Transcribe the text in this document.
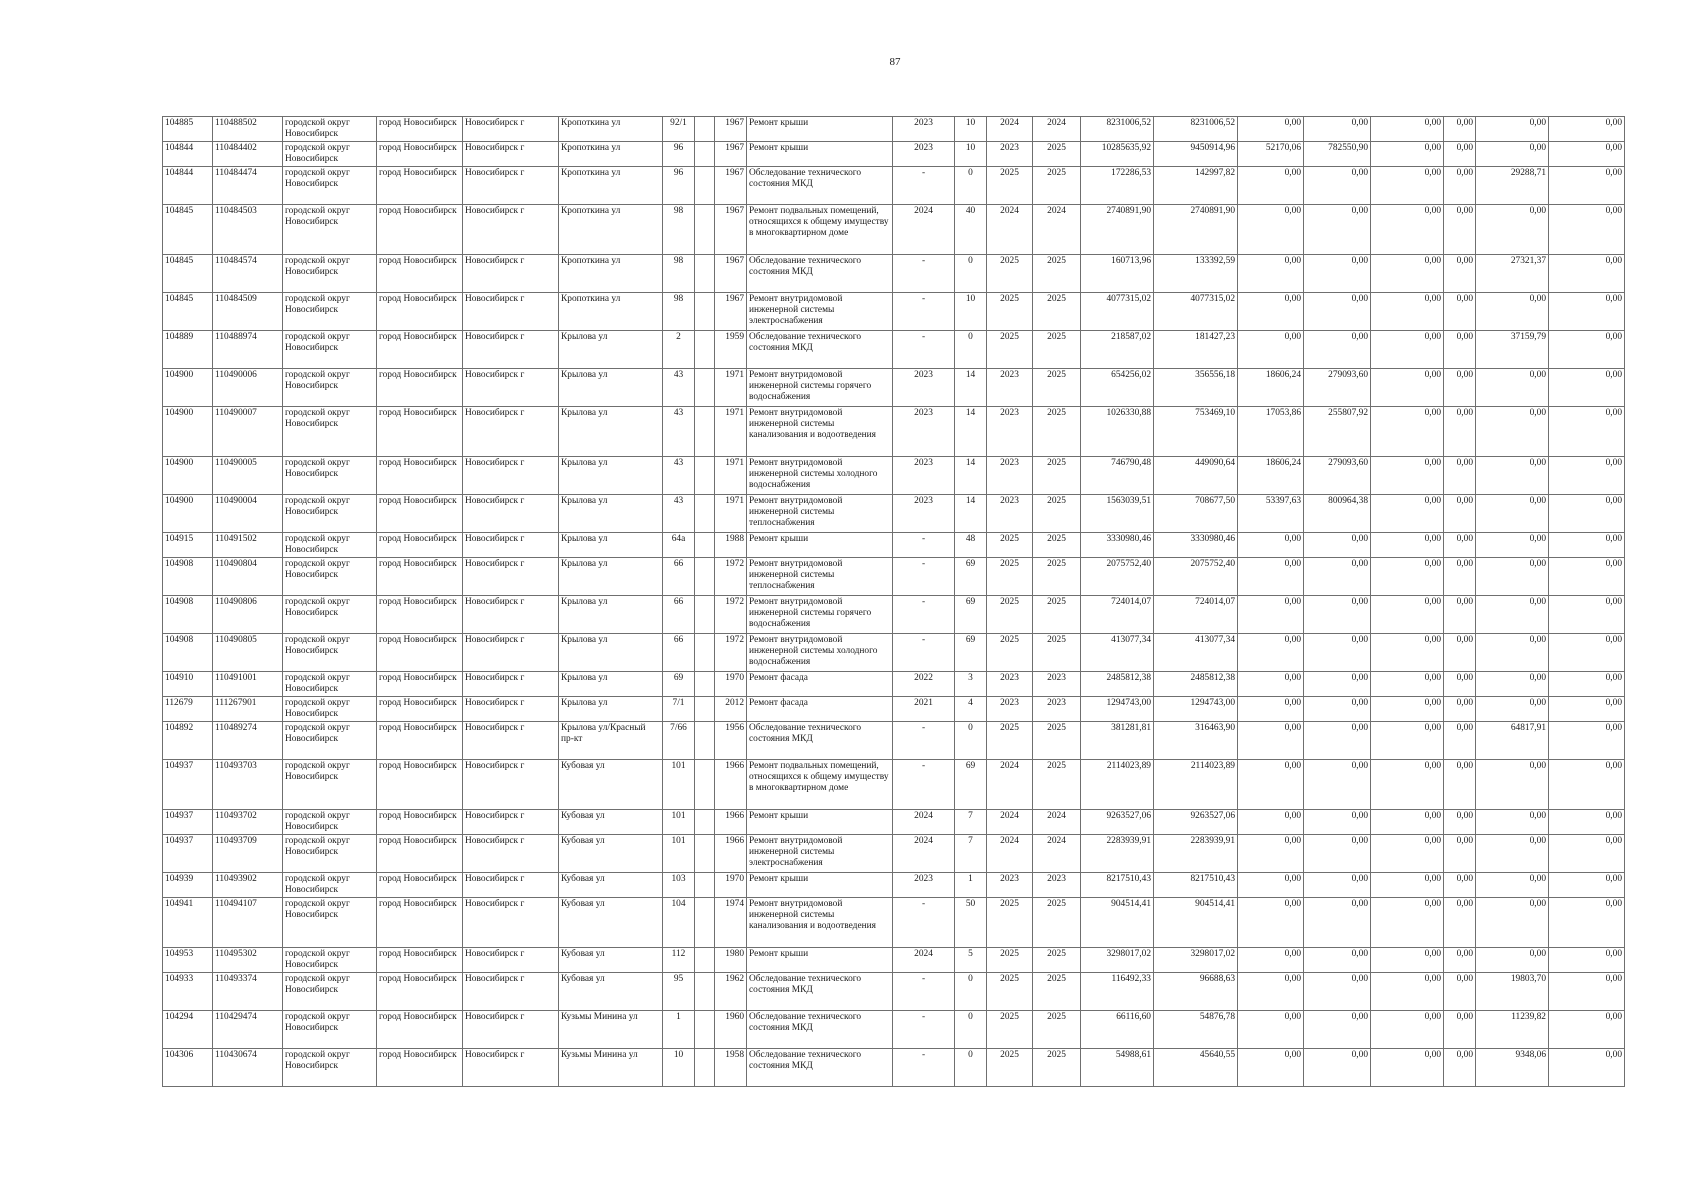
87
104885	110488502	городской округ Новосибирск	город Новосибирск	Новосибирск г	Кропоткина ул	92/1		1967	Ремонт крыши	2023	10	2024	2024	8231006,52	8231006,52	0,00	0,00	0,00	0,00	0,00	0,00
104844	110484402	городской округ Новосибирск	город Новосибирск	Новосибирск г	Кропоткина ул	96		1967	Ремонт крыши	2023	10	2023	2025	10285635,92	9450914,96	52170,06	782550,90	0,00	0,00	0,00	0,00
104844	110484474	городской округ Новосибирск	город Новосибирск	Новосибирск г	Кропоткина ул	96		1967	Обследование технического состояния МКД	-	0	2025	2025	172286,53	142997,82	0,00	0,00	0,00	0,00	29288,71	0,00
104845	110484503	городской округ Новосибирск	город Новосибирск	Новосибирск г	Кропоткина ул	98		1967	Ремонт подвальных помещений, относящихся к общему имуществу в многоквартирном доме	2024	40	2024	2024	2740891,90	2740891,90	0,00	0,00	0,00	0,00	0,00	0,00
104845	110484574	городской округ Новосибирск	город Новосибирск	Новосибирск г	Кропоткина ул	98		1967	Обследование технического состояния МКД	-	0	2025	2025	160713,96	133392,59	0,00	0,00	0,00	0,00	27321,37	0,00
104845	110484509	городской округ Новосибирск	город Новосибирск	Новосибирск г	Кропоткина ул	98		1967	Ремонт внутридомовой инженерной системы электроснабжения	-	10	2025	2025	4077315,02	4077315,02	0,00	0,00	0,00	0,00	0,00	0,00
104889	110488974	городской округ Новосибирск	город Новосибирск	Новосибирск г	Крылова ул	2		1959	Обследование технического состояния МКД	-	0	2025	2025	218587,02	181427,23	0,00	0,00	0,00	0,00	37159,79	0,00
104900	110490006	городской округ Новосибирск	город Новосибирск	Новосибирск г	Крылова ул	43		1971	Ремонт внутридомовой инженерной системы горячего водоснабжения	2023	14	2023	2025	654256,02	356556,18	18606,24	279093,60	0,00	0,00	0,00	0,00
104900	110490007	городской округ Новосибирск	город Новосибирск	Новосибирск г	Крылова ул	43		1971	Ремонт внутридомовой инженерной системы канализования и водоотведения	2023	14	2023	2025	1026330,88	753469,10	17053,86	255807,92	0,00	0,00	0,00	0,00
104900	110490005	городской округ Новосибирск	город Новосибирск	Новосибирск г	Крылова ул	43		1971	Ремонт внутридомовой инженерной системы холодного водоснабжения	2023	14	2023	2025	746790,48	449090,64	18606,24	279093,60	0,00	0,00	0,00	0,00
104900	110490004	городской округ Новосибирск	город Новосибирск	Новосибирск г	Крылова ул	43		1971	Ремонт внутридомовой инженерной системы теплоснабжения	2023	14	2023	2025	1563039,51	708677,50	53397,63	800964,38	0,00	0,00	0,00	0,00
104915	110491502	городской округ Новосибирск	город Новосибирск	Новосибирск г	Крылова ул	64а		1988	Ремонт крыши	-	48	2025	2025	3330980,46	3330980,46	0,00	0,00	0,00	0,00	0,00	0,00
104908	110490804	городской округ Новосибирск	город Новосибирск	Новосибирск г	Крылова ул	66		1972	Ремонт внутридомовой инженерной системы теплоснабжения	-	69	2025	2025	2075752,40	2075752,40	0,00	0,00	0,00	0,00	0,00	0,00
104908	110490806	городской округ Новосибирск	город Новосибирск	Новосибирск г	Крылова ул	66		1972	Ремонт внутридомовой инженерной системы горячего водоснабжения	-	69	2025	2025	724014,07	724014,07	0,00	0,00	0,00	0,00	0,00	0,00
104908	110490805	городской округ Новосибирск	город Новосибирск	Новосибирск г	Крылова ул	66		1972	Ремонт внутридомовой инженерной системы холодного водоснабжения	-	69	2025	2025	413077,34	413077,34	0,00	0,00	0,00	0,00	0,00	0,00
104910	110491001	городской округ Новосибирск	город Новосибирск	Новосибирск г	Крылова ул	69		1970	Ремонт фасада	2022	3	2023	2023	2485812,38	2485812,38	0,00	0,00	0,00	0,00	0,00	0,00
112679	111267901	городской округ Новосибирск	город Новосибирск	Новосибирск г	Крылова ул	7/1		2012	Ремонт фасада	2021	4	2023	2023	1294743,00	1294743,00	0,00	0,00	0,00	0,00	0,00	0,00
104892	110489274	городской округ Новосибирск	город Новосибирск	Новосибирск г	Крылова ул/Красный пр-кт	7/66		1956	Обследование технического состояния МКД	-	0	2025	2025	381281,81	316463,90	0,00	0,00	0,00	0,00	64817,91	0,00
104937	110493703	городской округ Новосибирск	город Новосибирск	Новосибирск г	Кубовая ул	101		1966	Ремонт подвальных помещений, относящихся к общему имуществу в многоквартирном доме	-	69	2024	2025	2114023,89	2114023,89	0,00	0,00	0,00	0,00	0,00	0,00
104937	110493702	городской округ Новосибирск	город Новосибирск	Новосибирск г	Кубовая ул	101		1966	Ремонт крыши	2024	7	2024	2024	9263527,06	9263527,06	0,00	0,00	0,00	0,00	0,00	0,00
104937	110493709	городской округ Новосибирск	город Новосибирск	Новосибирск г	Кубовая ул	101		1966	Ремонт внутридомовой инженерной системы электроснабжения	2024	7	2024	2024	2283939,91	2283939,91	0,00	0,00	0,00	0,00	0,00	0,00
104939	110493902	городской округ Новосибирск	город Новосибирск	Новосибирск г	Кубовая ул	103		1970	Ремонт крыши	2023	1	2023	2023	8217510,43	8217510,43	0,00	0,00	0,00	0,00	0,00	0,00
104941	110494107	городской округ Новосибирск	город Новосибирск	Новосибирск г	Кубовая ул	104		1974	Ремонт внутридомовой инженерной системы канализования и водоотведения	-	50	2025	2025	904514,41	904514,41	0,00	0,00	0,00	0,00	0,00	0,00
104953	110495302	городской округ Новосибирск	город Новосибирск	Новосибирск г	Кубовая ул	112		1980	Ремонт крыши	2024	5	2025	2025	3298017,02	3298017,02	0,00	0,00	0,00	0,00	0,00	0,00
104933	110493374	городской округ Новосибирск	город Новосибирск	Новосибирск г	Кубовая ул	95		1962	Обследование технического состояния МКД	-	0	2025	2025	116492,33	96688,63	0,00	0,00	0,00	0,00	19803,70	0,00
104294	110429474	городской округ Новосибирск	город Новосибирск	Новосибирск г	Кузьмы Минина ул	1		1960	Обследование технического состояния МКД	-	0	2025	2025	66116,60	54876,78	0,00	0,00	0,00	0,00	11239,82	0,00
104306	110430674	городской округ Новосибирск	город Новосибирск	Новосибирск г	Кузьмы Минина ул	10		1958	Обследование технического состояния МКД	-	0	2025	2025	54988,61	45640,55	0,00	0,00	0,00	0,00	9348,06	0,00
